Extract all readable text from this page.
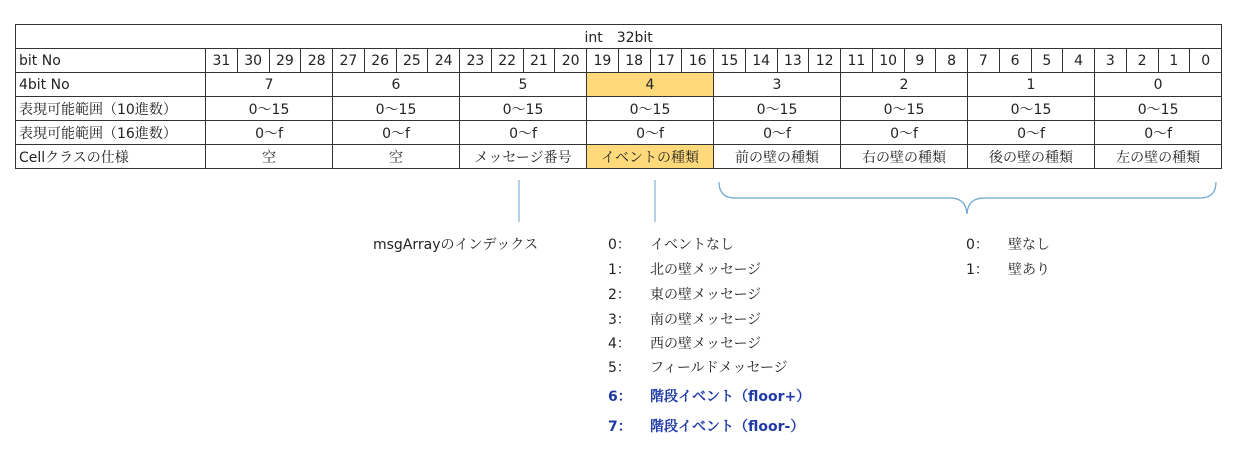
int　32bit																																
bit No	31	30	29	28	27	26	25	24	23	22	21	20	19	18	17	16	15	14	13	12	11	10	9	8	7	6	5	4	3	2	1	0
4bit No	7				6				5				4				3				2				1				0			
表現可能範囲（10進数）	0〜15				0〜15				0〜15				0〜15				0〜15				0〜15				0〜15				0〜15			
表現可能範囲（16進数）	0〜f				0〜f				0〜f				0〜f				0〜f				0〜f				0〜f				0〜f			
Cellクラスの仕様	空				空				メッセージ番号				イベントの種類				前の壁の種類				右の壁の種類				後の壁の種類				左の壁の種類			
msgArrayのインデックス	0： イベントなし
1： 北の壁メッセージ
2： 東の壁メッセージ
3： 南の壁メッセージ
4： 西の壁メッセージ
5： フィールドメッセージ
6： 階段イベント（floor+）
7： 階段イベント（floor-）
0： 壁なし
1： 壁あり
